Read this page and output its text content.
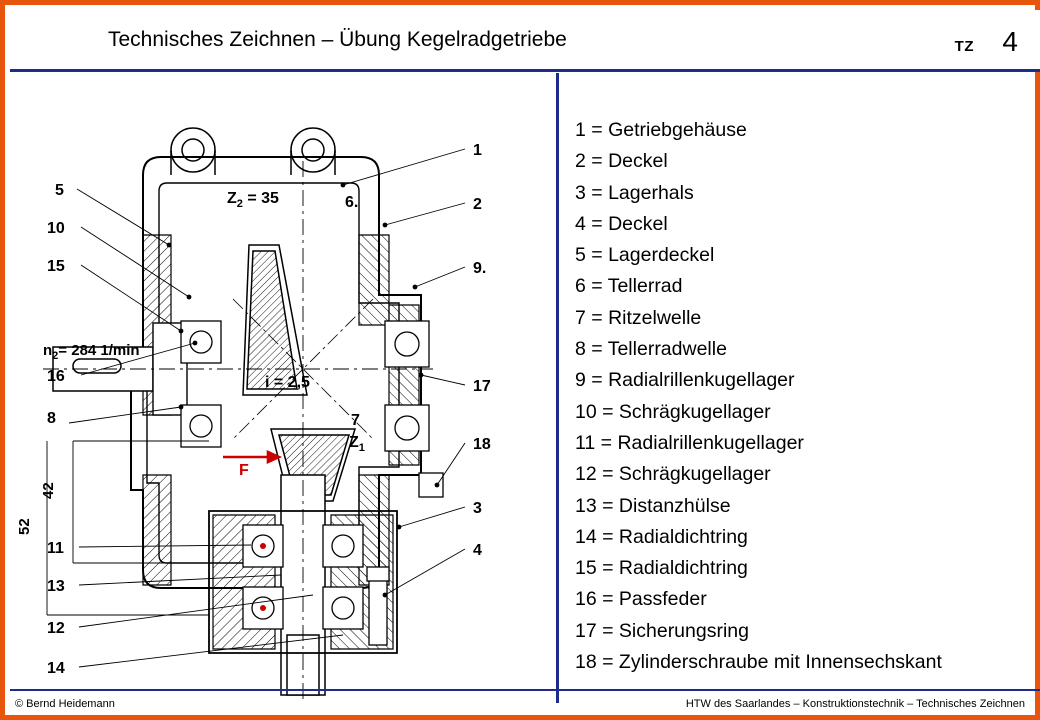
Technisches Zeichnen – Übung Kegelradgetriebe	TZ 4
1
2
9.
17
18
3
4
5
10
15
16
8
11
13
12
14
$Z_2 = 35$	6.
$n_2= 284$ 1/min
i = 2,5
F
7
$Z_1$
42
52
1 = Getriebgehäuse
2 = Deckel
3 = Lagerhals
4 = Deckel
5 = Lagerdeckel
6 = Tellerrad
7 = Ritzelwelle
8 = Tellerradwelle
9 = Radialrillenkugellager
10 = Schrägkugellager
11 = Radialrillenkugellager
12 = Schrägkugellager
13 = Distanzhülse
14 = Radialdichtring
15 = Radialdichtring
16 = Passfeder
17 = Sicherungsring
18 = Zylinderschraube mit Innensechskant
© Bernd Heidemann	HTW des Saarlandes – Konstruktionstechnik – Technisches Zeichnen
